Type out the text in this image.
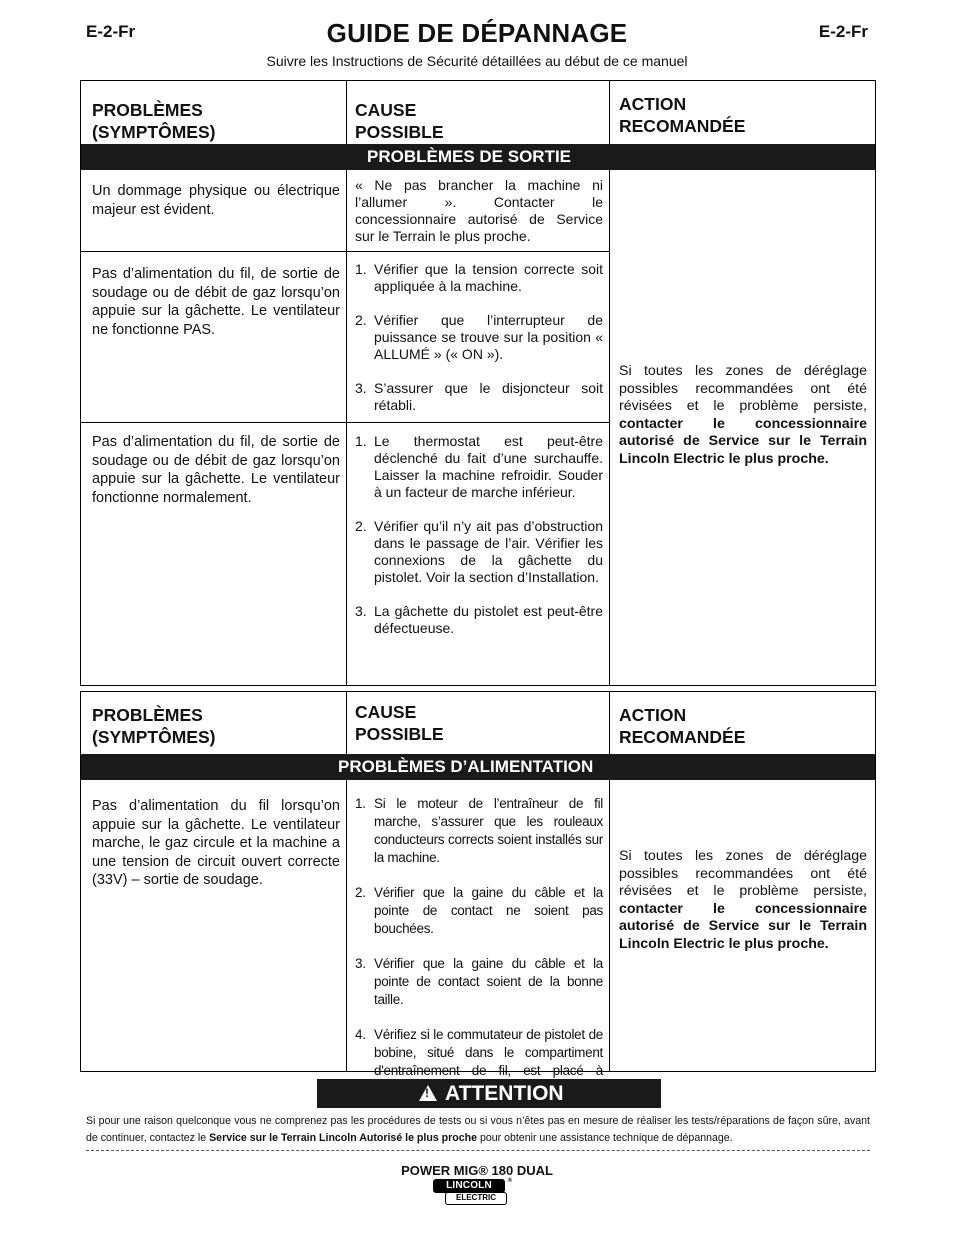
E-2-Fr	GUIDE DE DÉPANNAGE	E-2-Fr
Suivre les Instructions de Sécurité détaillées au début de ce manuel
PROBLÈMES
(SYMPTÔMES)
CAUSE
POSSIBLE
ACTION
RECOMANDÉE
PROBLÈMES DE SORTIE
Un dommage physique ou électrique majeur est évident.
« Ne pas brancher la machine ni l’allumer ». Contacter le concessionnaire autorisé de Service sur le Terrain le plus proche.
Pas d’alimentation du fil, de sortie de soudage ou de débit de gaz lorsqu’on appuie sur la gâchette. Le ventilateur ne fonctionne PAS.
1. Vérifier que la tension correcte soit appliquée à la machine.
2. Vérifier que l’interrupteur de puissance se trouve sur la position « ALLUMÉ » (« ON »).
3. S’assurer que le disjoncteur soit rétabli.
Pas d’alimentation du fil, de sortie de soudage ou de débit de gaz lorsqu’on appuie sur la gâchette. Le ventilateur fonctionne normalement.
1. Le thermostat est peut-être déclenché du fait d’une surchauffe. Laisser la machine refroidir. Souder à un facteur de marche inférieur.
2. Vérifier qu’il n’y ait pas d’obstruction dans le passage de l’air. Vérifier les connexions de la gâchette du pistolet. Voir la section d’Installation.
3. La gâchette du pistolet est peut-être défectueuse.
Si toutes les zones de déréglage possibles recommandées ont été révisées et le problème persiste, contacter le concessionnaire autorisé de Service sur le Terrain Lincoln Electric le plus proche.
PROBLÈMES
(SYMPTÔMES)
CAUSE
POSSIBLE
ACTION
RECOMANDÉE
PROBLÈMES D’ALIMENTATION
Pas d’alimentation du fil lorsqu’on appuie sur la gâchette. Le ventilateur marche, le gaz circule et la machine a une tension de circuit ouvert correcte (33V) – sortie de soudage.
1. Si le moteur de l’entraîneur de fil marche, s’assurer que les rouleaux conducteurs corrects soient installés sur la machine.
2. Vérifier que la gaine du câble et la pointe de contact ne soient pas bouchées.
3. Vérifier que la gaine du câble et la pointe de contact soient de la bonne taille.
4. Vérifiez si le commutateur de pistolet de bobine, situé dans le compartiment d'entraînement de fil, est placé à
Si toutes les zones de déréglage possibles recommandées ont été révisées et le problème persiste, contacter le concessionnaire autorisé de Service sur le Terrain Lincoln Electric le plus proche.
!
ATTENTION
Si pour une raison quelconque vous ne comprenez pas les procédures de tests ou si vous n’êtes pas en mesure de réaliser les tests/réparations de façon sûre, avant de continuer, contactez le Service sur le Terrain Lincoln Autorisé le plus proche pour obtenir une assistance technique de dépannage.
POWER MIG® 180 DUAL
LINCOLN
ELECTRIC
®
